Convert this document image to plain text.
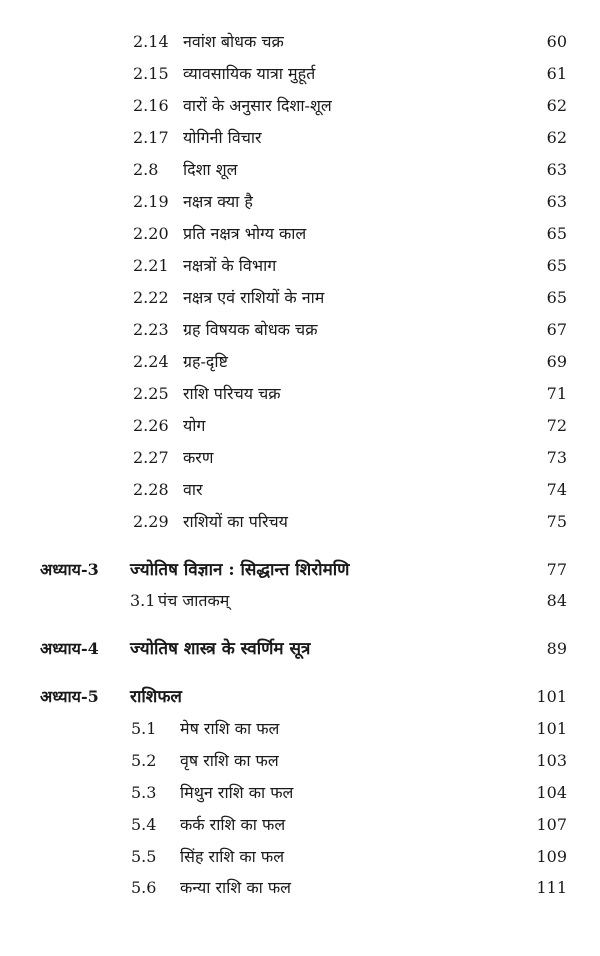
2.14 नवांश बोधक चक्र	60
2.15 व्यावसायिक यात्रा मुहूर्त	61
2.16 वारों के अनुसार दिशा-शूल	62
2.17 योगिनी विचार	62
2.8 दिशा शूल	63
2.19 नक्षत्र क्या है	63
2.20 प्रति नक्षत्र भोग्य काल	65
2.21 नक्षत्रों के विभाग	65
2.22 नक्षत्र एवं राशियों के नाम	65
2.23 ग्रह विषयक बोधक चक्र	67
2.24 ग्रह-दृष्टि	69
2.25 राशि परिचय चक्र	71
2.26 योग	72
2.27 करण	73
2.28 वार	74
2.29 राशियों का परिचय	75
अध्याय-3 ज्योतिष विज्ञान : सिद्धान्त शिरोमणि	77
3.1 पंच जातकम्	84
अध्याय-4 ज्योतिष शास्त्र के स्वर्णिम सूत्र	89
अध्याय-5 राशिफल	101
5.1 मेष राशि का फल	101
5.2 वृष राशि का फल	103
5.3 मिथुन राशि का फल	104
5.4 कर्क राशि का फल	107
5.5 सिंह राशि का फल	109
5.6 कन्या राशि का फल	111
